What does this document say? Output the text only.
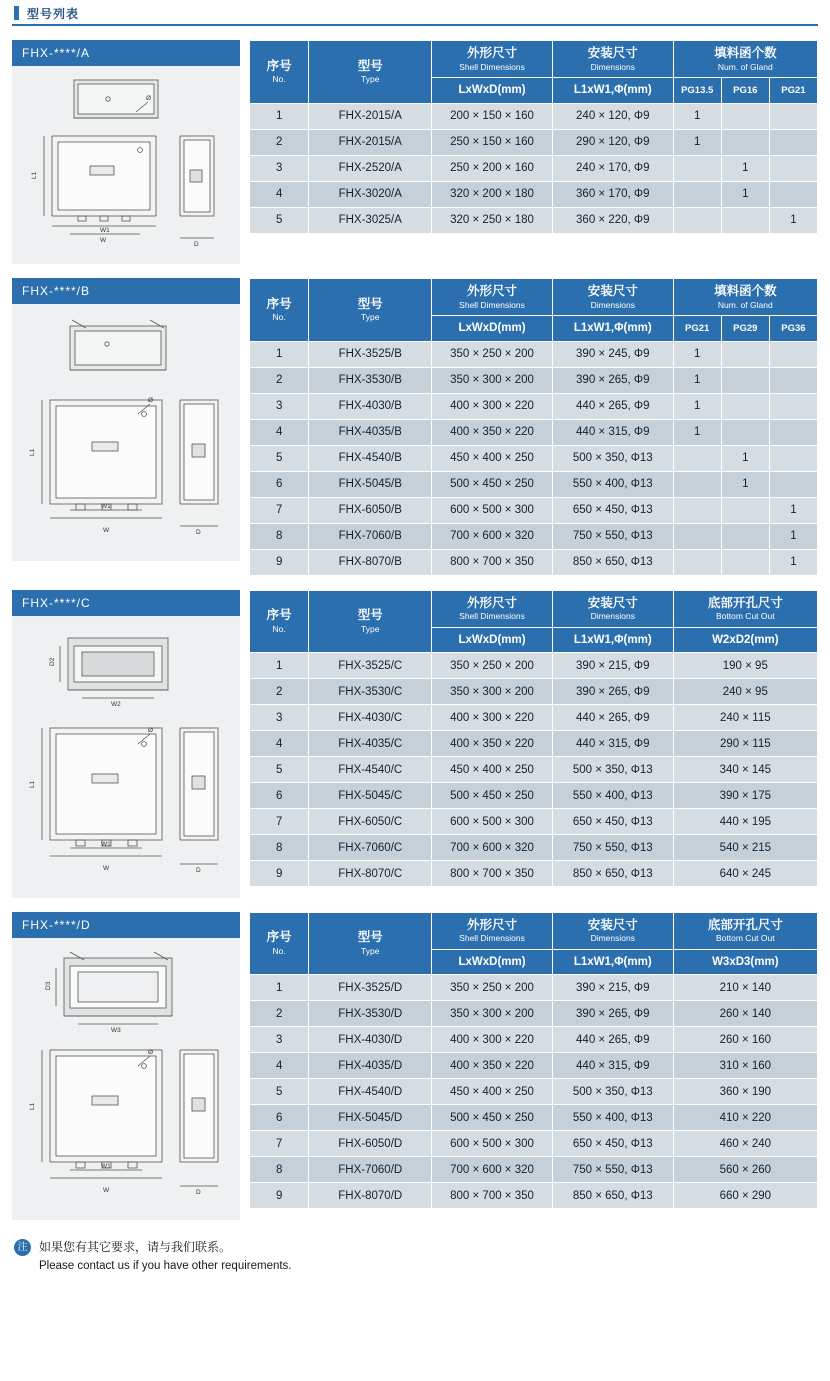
型号列表
FHX-****/A
L1
W
W1
D
Ø
序号
No.	型号
Type	外形尺寸
Shell Dimensions	安装尺寸
Dimensions	填料函个数
Num. of Gland		

		LxWxD(mm)	L1xW1,Φ(mm)	PG13.5	PG16	PG21

1	FHX-2015/A	200 × 150 × 160	240 × 120, Φ9	1		
2	FHX-2015/A	250 × 150 × 160	290 × 120, Φ9	1		
3	FHX-2520/A	250 × 200 × 160	240 × 170, Φ9		1	
4	FHX-3020/A	320 × 200 × 180	360 × 170, Φ9		1	
5	FHX-3025/A	320 × 250 × 180	360 × 220, Φ9			1
FHX-****/B
L1
W
W1
D
Ø
序号
No.	型号
Type	外形尺寸
Shell Dimensions	安装尺寸
Dimensions	填料函个数
Num. of Gland		

		LxWxD(mm)	L1xW1,Φ(mm)	PG21	PG29	PG36

1	FHX-3525/B	350 × 250 × 200	390 × 245, Φ9	1		
2	FHX-3530/B	350 × 300 × 200	390 × 265, Φ9	1		
3	FHX-4030/B	400 × 300 × 220	440 × 265, Φ9	1		
4	FHX-4035/B	400 × 350 × 220	440 × 315, Φ9	1		
5	FHX-4540/B	450 × 400 × 250	500 × 350, Φ13		1	
6	FHX-5045/B	500 × 450 × 250	550 × 400, Φ13		1	
7	FHX-6050/B	600 × 500 × 300	650 × 450, Φ13			1
8	FHX-7060/B	700 × 600 × 320	750 × 550, Φ13			1
9	FHX-8070/B	800 × 700 × 350	850 × 650, Φ13			1
FHX-****/C
D2
W2
L1
W
W1
D
Ø
序号
No.	型号
Type	外形尺寸
Shell Dimensions	安装尺寸
Dimensions	底部开孔尺寸
Bottom Cut Out

		LxWxD(mm)	L1xW1,Φ(mm)	W2xD2(mm)

1	FHX-3525/C	350 × 250 × 200	390 × 215, Φ9	190 × 95
2	FHX-3530/C	350 × 300 × 200	390 × 265, Φ9	240 × 95
3	FHX-4030/C	400 × 300 × 220	440 × 265, Φ9	240 × 115
4	FHX-4035/C	400 × 350 × 220	440 × 315, Φ9	290 × 115
5	FHX-4540/C	450 × 400 × 250	500 × 350, Φ13	340 × 145
6	FHX-5045/C	500 × 450 × 250	550 × 400, Φ13	390 × 175
7	FHX-6050/C	600 × 500 × 300	650 × 450, Φ13	440 × 195
8	FHX-7060/C	700 × 600 × 320	750 × 550, Φ13	540 × 215
9	FHX-8070/C	800 × 700 × 350	850 × 650, Φ13	640 × 245
FHX-****/D
D3
W3
L1
W
W1
D
Ø
序号
No.	型号
Type	外形尺寸
Shell Dimensions	安装尺寸
Dimensions	底部开孔尺寸
Bottom Cut Out

		LxWxD(mm)	L1xW1,Φ(mm)	W3xD3(mm)

1	FHX-3525/D	350 × 250 × 200	390 × 215, Φ9	210 × 140
2	FHX-3530/D	350 × 300 × 200	390 × 265, Φ9	260 × 140
3	FHX-4030/D	400 × 300 × 220	440 × 265, Φ9	260 × 160
4	FHX-4035/D	400 × 350 × 220	440 × 315, Φ9	310 × 160
5	FHX-4540/D	450 × 400 × 250	500 × 350, Φ13	360 × 190
6	FHX-5045/D	500 × 450 × 250	550 × 400, Φ13	410 × 220
7	FHX-6050/D	600 × 500 × 300	650 × 450, Φ13	460 × 240
8	FHX-7060/D	700 × 600 × 320	750 × 550, Φ13	560 × 260
9	FHX-8070/D	800 × 700 × 350	850 × 650, Φ13	660 × 290
注 如果您有其它要求，请与我们联系。
Please contact us if you have other requirements.
